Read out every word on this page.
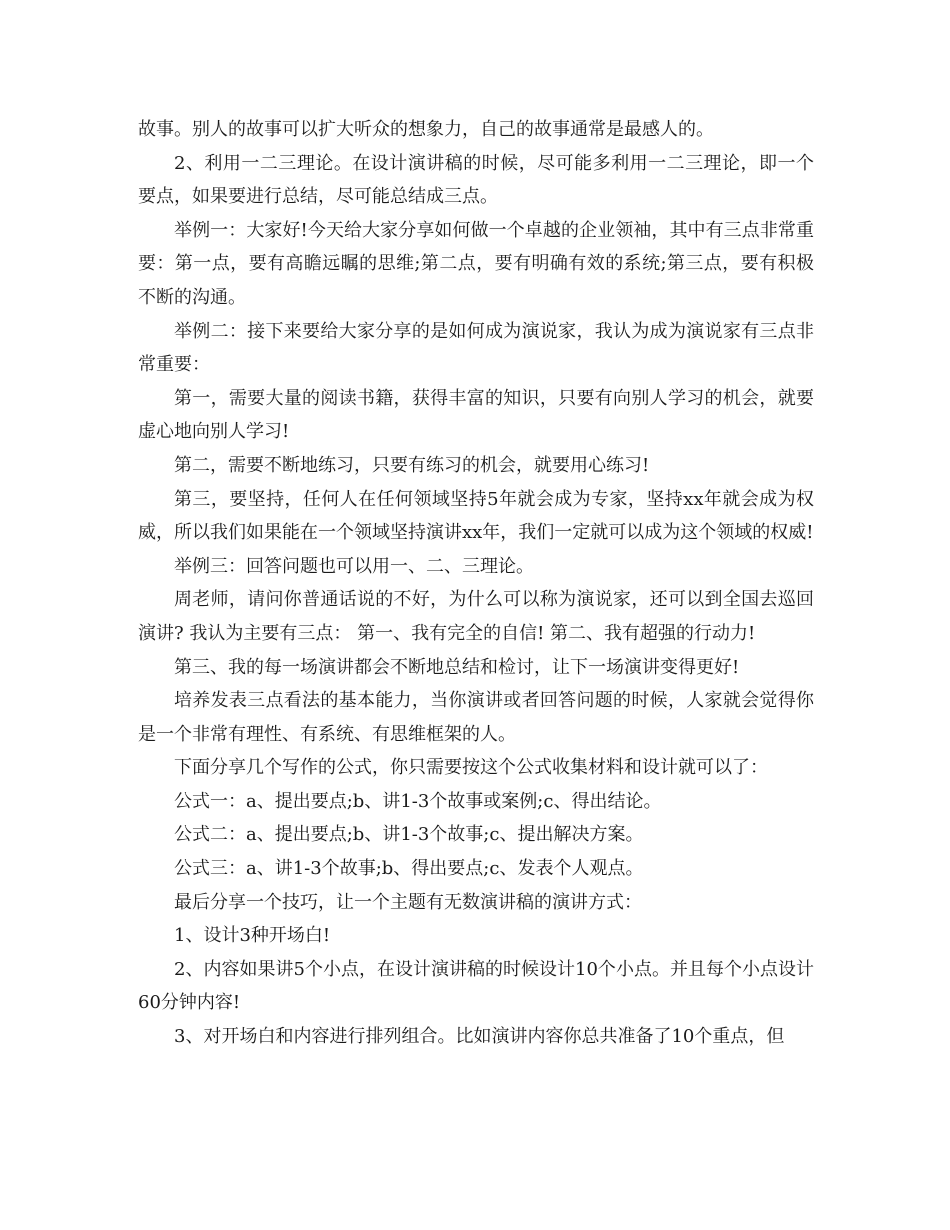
故事。别人的故事可以扩大听众的想象力，自己的故事通常是最感人的。

2、利用一二三理论。在设计演讲稿的时候，尽可能多利用一二三理论，即一个要点，如果要进行总结，尽可能总结成三点。

举例一：大家好!今天给大家分享如何做一个卓越的企业领袖，其中有三点非常重要：第一点，要有高瞻远瞩的思维;第二点，要有明确有效的系统;第三点，要有积极不断的沟通。

举例二：接下来要给大家分享的是如何成为演说家，我认为成为演说家有三点非常重要：

第一，需要大量的阅读书籍，获得丰富的知识，只要有向别人学习的机会，就要虚心地向别人学习!

第二，需要不断地练习，只要有练习的机会，就要用心练习!

第三，要坚持，任何人在任何领域坚持5年就会成为专家，坚持xx年就会成为权威，所以我们如果能在一个领域坚持演讲xx年，我们一定就可以成为这个领域的权威!

举例三：回答问题也可以用一、二、三理论。

周老师，请问你普通话说的不好，为什么可以称为演说家，还可以到全国去巡回演讲? 我认为主要有三点： 第一、我有完全的自信! 第二、我有超强的行动力!

第三、我的每一场演讲都会不断地总结和检讨，让下一场演讲变得更好!

培养发表三点看法的基本能力，当你演讲或者回答问题的时候，人家就会觉得你是一个非常有理性、有系统、有思维框架的人。

下面分享几个写作的公式，你只需要按这个公式收集材料和设计就可以了：

公式一：a、提出要点;b、讲1-3个故事或案例;c、得出结论。

公式二：a、提出要点;b、讲1-3个故事;c、提出解决方案。

公式三：a、讲1-3个故事;b、得出要点;c、发表个人观点。

最后分享一个技巧，让一个主题有无数演讲稿的演讲方式：

1、设计3种开场白!

2、内容如果讲5个小点，在设计演讲稿的时候设计10个小点。并且每个小点设计60分钟内容!

3、对开场白和内容进行排列组合。比如演讲内容你总共准备了10个重点，但
